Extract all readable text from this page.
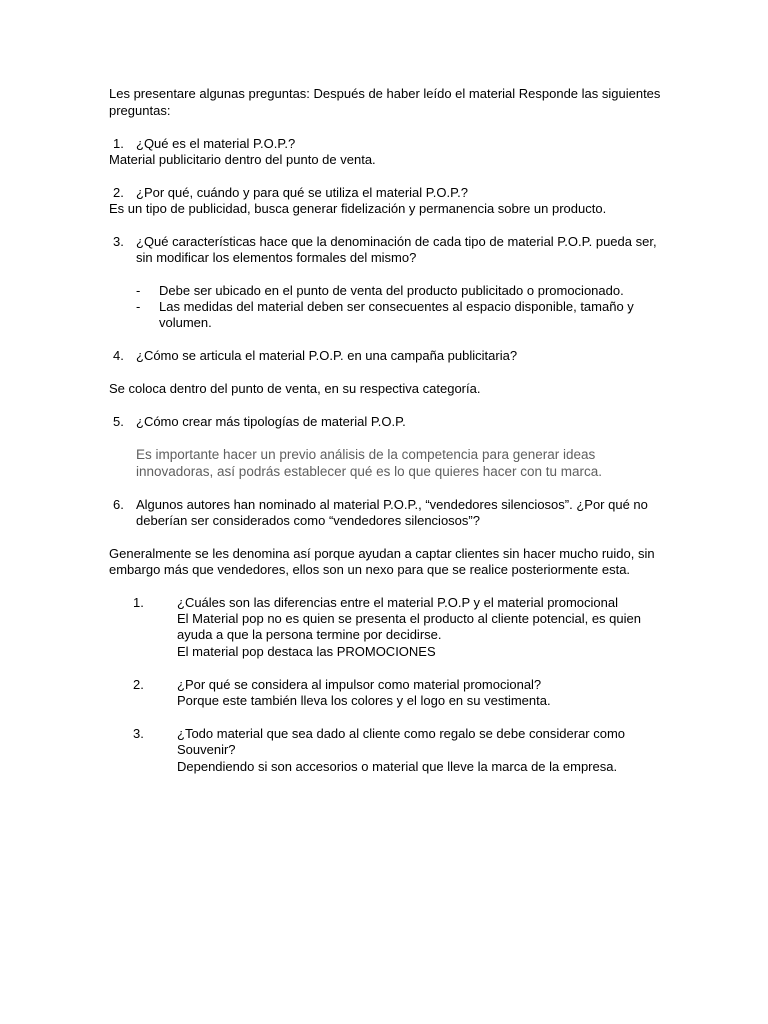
Les presentare algunas preguntas: Después de haber leído el material Responde las siguientes

preguntas:

1. ¿Qué es el material P.O.P.?

Material publicitario dentro del punto de venta.

2. ¿Por qué, cuándo y para qué se utiliza el material P.O.P.?

Es un tipo de publicidad, busca generar fidelización y permanencia sobre un producto.

3. ¿Qué características hace que la denominación de cada tipo de material P.O.P. pueda ser,

sin modificar los elementos formales del mismo?

- Debe ser ubicado en el punto de venta del producto publicitado o promocionado.

- Las medidas del material deben ser consecuentes al espacio disponible, tamaño y

volumen.

4. ¿Cómo se articula el material P.O.P. en una campaña publicitaria?

Se coloca dentro del punto de venta, en su respectiva categoría.

5. ¿Cómo crear más tipologías de material P.O.P.

Es importante hacer un previo análisis de la competencia para generar ideas

innovadoras, así podrás establecer qué es lo que quieres hacer con tu marca.

6. Algunos autores han nominado al material P.O.P., “vendedores silenciosos”. ¿Por qué no

deberían ser considerados como “vendedores silenciosos”?

Generalmente se les denomina así porque ayudan a captar clientes sin hacer mucho ruido, sin

embargo más que vendedores, ellos son un nexo para que se realice posteriormente esta.

1.	¿Cuáles son las diferencias entre el material P.O.P y el material promocional

El Material pop no es quien se presenta el producto al cliente potencial, es quien

ayuda a que la persona termine por decidirse.

El material pop destaca las PROMOCIONES

2.	¿Por qué se considera al impulsor como material promocional?

Porque este también lleva los colores y el logo en su vestimenta.

3.	¿Todo material que sea dado al cliente como regalo se debe considerar como

Souvenir?

Dependiendo si son accesorios o material que lleve la marca de la empresa.
